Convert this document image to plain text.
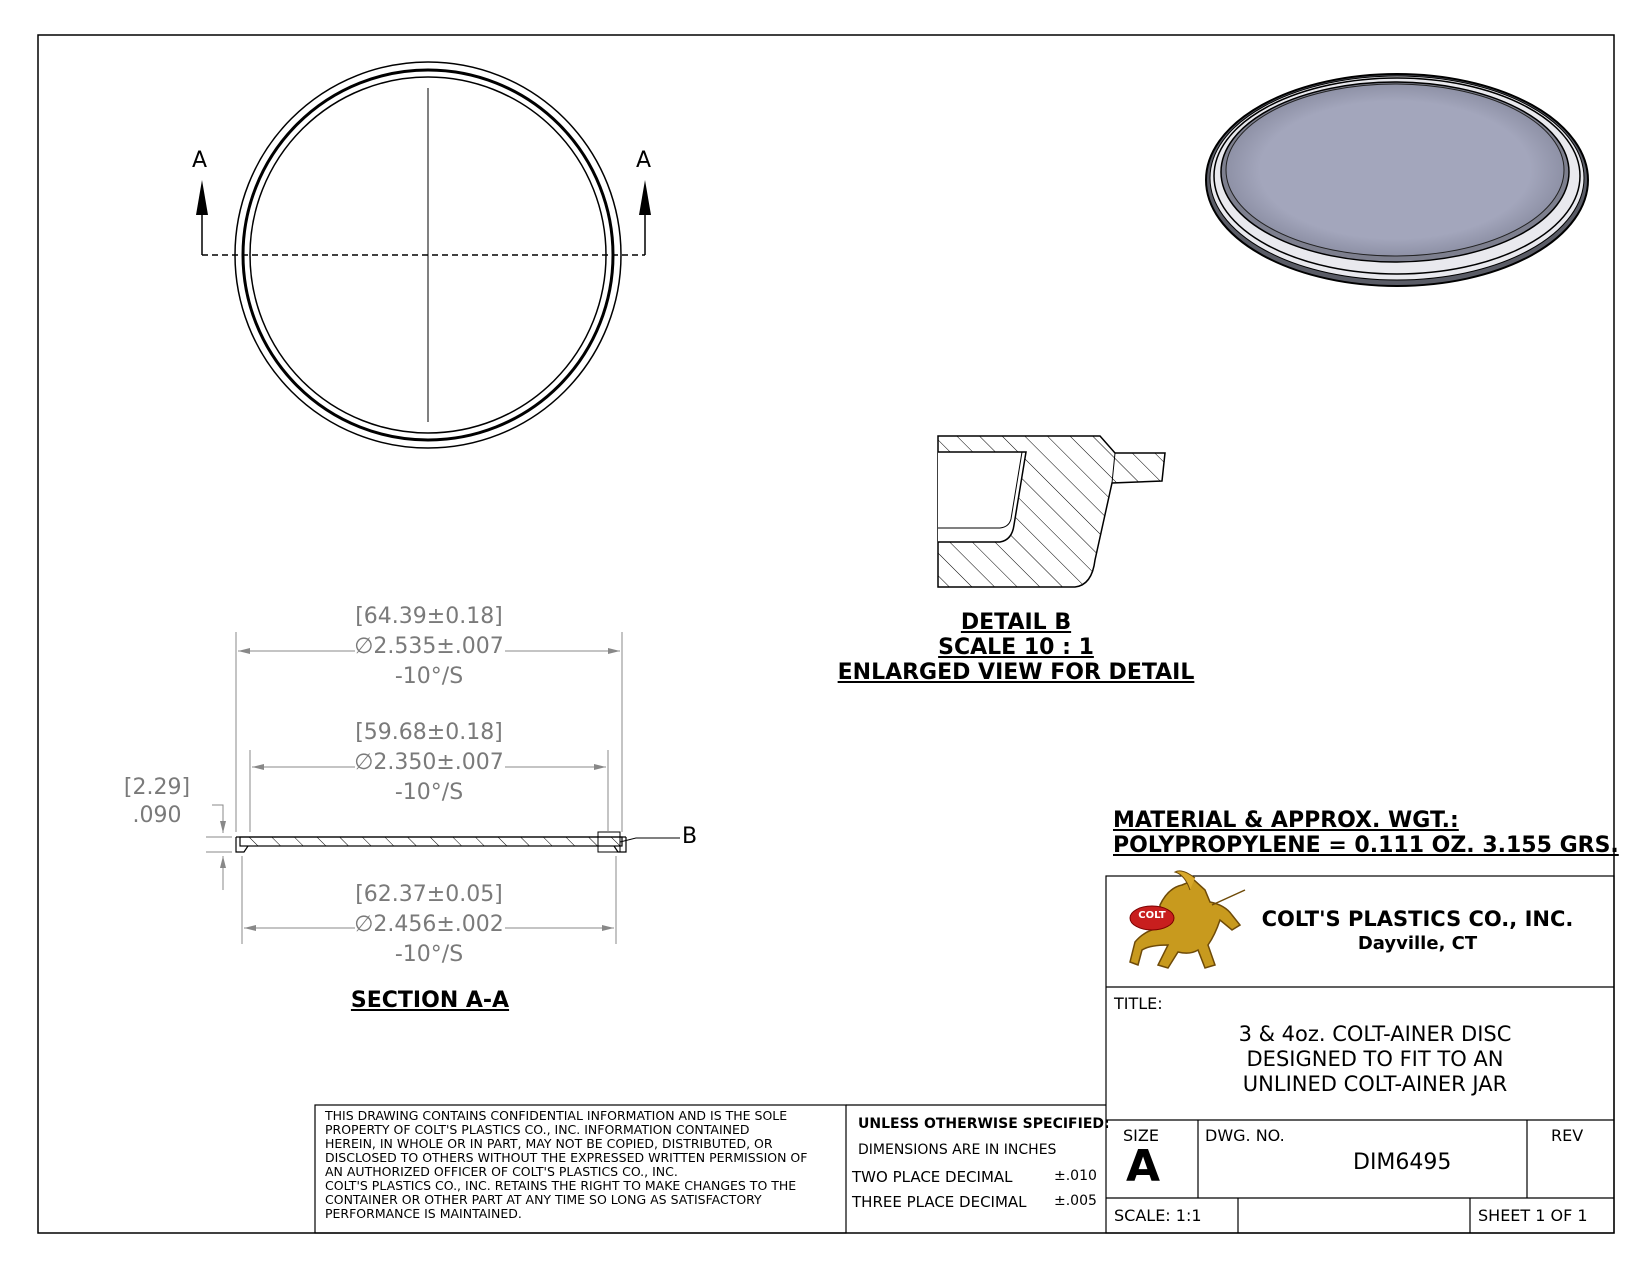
A	A
DETAIL B
SCALE 10 : 1
ENLARGED VIEW FOR DETAIL
B
[64.39±0.18]
∅2.535±.007
-10°/S
[59.68±0.18]
∅2.350±.007
-10°/S
[62.37±0.05]
∅2.456±.002
-10°/S
[2.29]
.090
SECTION A-A
MATERIAL & APPROX. WGT.:
POLYPROPYLENE = 0.111 OZ. 3.155 GRS.
COLT'S PLASTICS CO., INC.
Dayville, CT
COLT
TITLE:
3 & 4oz. COLT-AINER DISC
DESIGNED TO FIT TO AN
UNLINED COLT-AINER JAR
SIZE
A
DWG. NO.
DIM6495
REV
SCALE: 1:1	SHEET 1 OF 1
THIS DRAWING CONTAINS CONFIDENTIAL INFORMATION AND IS THE SOLE
PROPERTY OF COLT'S PLASTICS CO., INC. INFORMATION CONTAINED
HEREIN, IN WHOLE OR IN PART, MAY NOT BE COPIED, DISTRIBUTED, OR
DISCLOSED TO OTHERS WITHOUT THE EXPRESSED WRITTEN PERMISSION OF
AN AUTHORIZED OFFICER OF COLT'S PLASTICS CO., INC.
COLT'S PLASTICS CO., INC. RETAINS THE RIGHT TO MAKE CHANGES TO THE
CONTAINER OR OTHER PART AT ANY TIME SO LONG AS SATISFACTORY
PERFORMANCE IS MAINTAINED.
UNLESS OTHERWISE SPECIFIED:
DIMENSIONS ARE IN INCHES
TWO PLACE DECIMAL	±.010
THREE PLACE DECIMAL ±.005
